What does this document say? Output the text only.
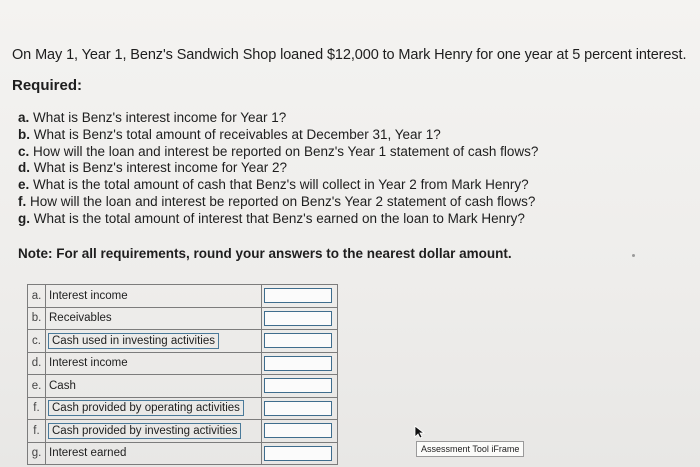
On May 1, Year 1, Benz's Sandwich Shop loaned $12,000 to Mark Henry for one year at 5 percent interest.
Required:
a. What is Benz's interest income for Year 1?
b. What is Benz's total amount of receivables at December 31, Year 1?
c. How will the loan and interest be reported on Benz's Year 1 statement of cash flows?
d. What is Benz's interest income for Year 2?
e. What is the total amount of cash that Benz's will collect in Year 2 from Mark Henry?
f. How will the loan and interest be reported on Benz's Year 2 statement of cash flows?
g. What is the total amount of interest that Benz's earned on the loan to Mark Henry?
Note: For all requirements, round your answers to the nearest dollar amount.
a.	Interest income	

b.	Receivables	

c.	Cash used in investing activities	

d.	Interest income	

e.	Cash	

f.	Cash provided by operating activities	

f.	Cash provided by investing activities	

g.	Interest earned		Assessment Tool iFrame
